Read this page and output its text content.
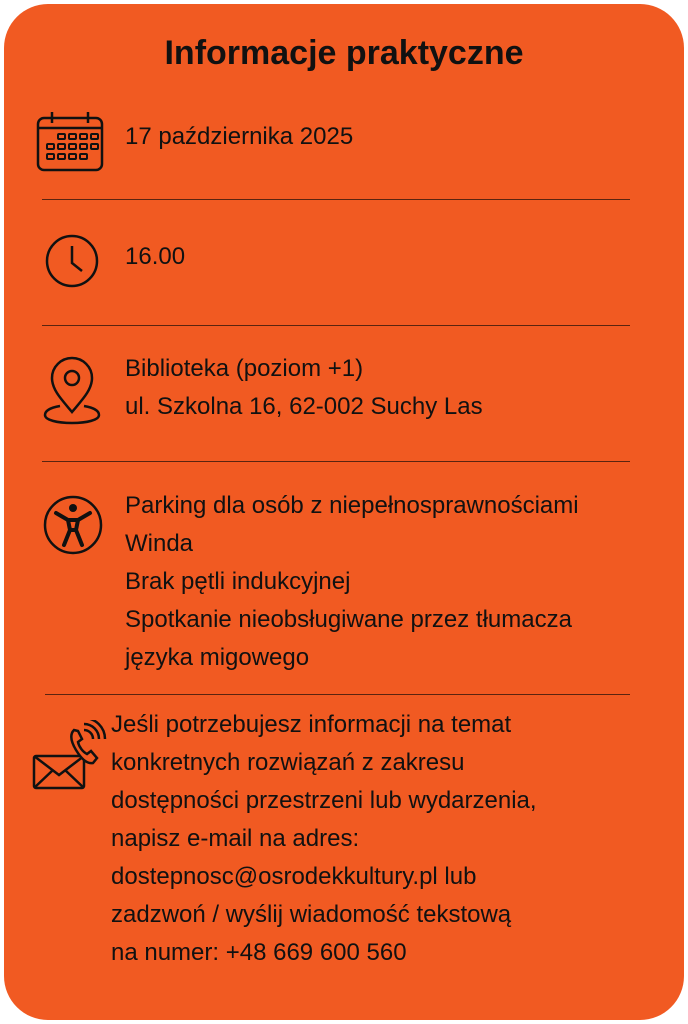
Informacje praktyczne
17 października 2025
16.00
Biblioteka (poziom +1)
ul. Szkolna 16, 62-002 Suchy Las
Parking dla osób z niepełnosprawnościami
Winda
Brak pętli indukcyjnej
Spotkanie nieobsługiwane przez tłumacza
języka migowego
Jeśli potrzebujesz informacji na temat
konkretnych rozwiązań z zakresu
dostępności przestrzeni lub wydarzenia,
napisz e-mail na adres:
dostepnosc@osrodekkultury.pl lub
zadzwoń / wyślij wiadomość tekstową
na numer: +48 669 600 560
